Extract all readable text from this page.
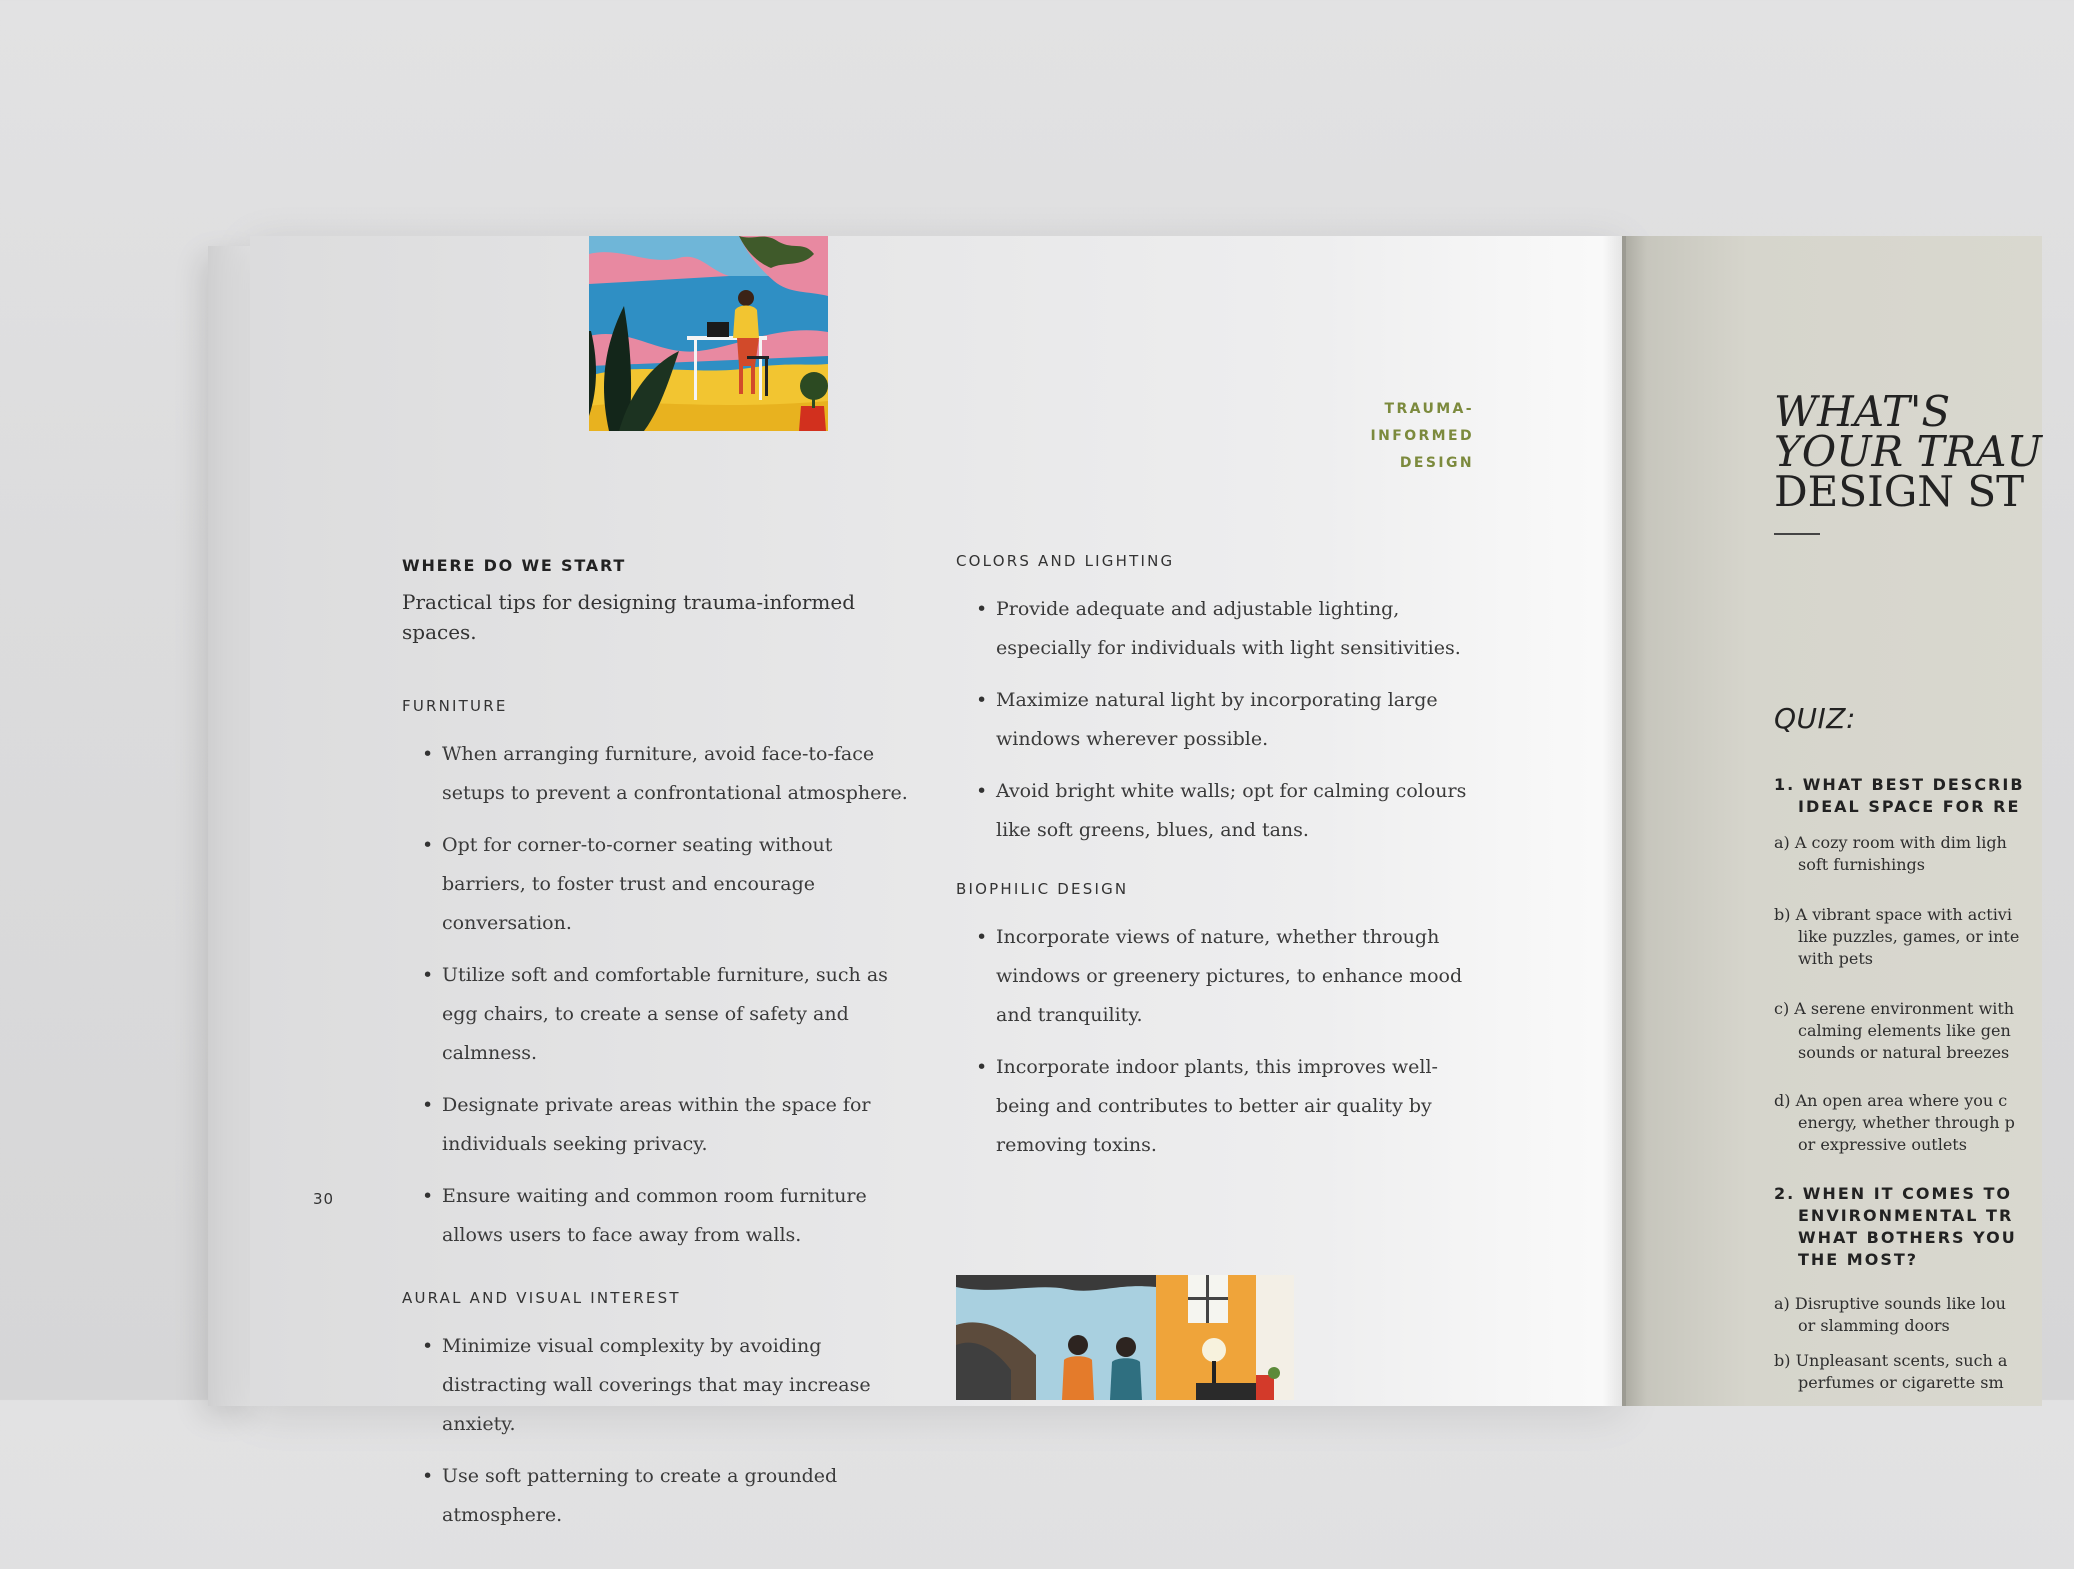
TRAUMA-
INFORMED
DESIGN
30
WHERE DO WE START
Practical tips for designing trauma-informed spaces.
FURNITURE
• When arranging furniture, avoid face-to-face setups to prevent a confrontational atmosphere.
• Opt for corner-to-corner seating without barriers, to foster trust and encourage conversation.
• Utilize soft and comfortable furniture, such as egg chairs, to create a sense of safety and calmness.
• Designate private areas within the space for individuals seeking privacy.
• Ensure waiting and common room furniture allows users to face away from walls.
AURAL AND VISUAL INTEREST
• Minimize visual complexity by avoiding distracting wall coverings that may increase anxiety.
• Use soft patterning to create a grounded atmosphere.
COLORS AND LIGHTING
• Provide adequate and adjustable lighting, especially for individuals with light sensitivities.
• Maximize natural light by incorporating large windows wherever possible.
• Avoid bright white walls; opt for calming colours like soft greens, blues, and tans.
BIOPHILIC DESIGN
• Incorporate views of nature, whether through windows or greenery pictures, to enhance mood and tranquility.
• Incorporate indoor plants, this improves well-being and contributes to better air quality by removing toxins.
WHAT'S
YOUR TRAU
DESIGN ST
QUIZ:
1. WHAT BEST DESCRIB
IDEAL SPACE FOR RE
a) A cozy room with dim ligh
soft furnishings
b) A vibrant space with activi
like puzzles, games, or inte
with pets
c) A serene environment with
calming elements like gen
sounds or natural breezes
d) An open area where you c
energy, whether through p
or expressive outlets
2. WHEN IT COMES TO
ENVIRONMENTAL TR
WHAT BOTHERS YOU
THE MOST?
a) Disruptive sounds like lou
or slamming doors
b) Unpleasant scents, such a
perfumes or cigarette sm
